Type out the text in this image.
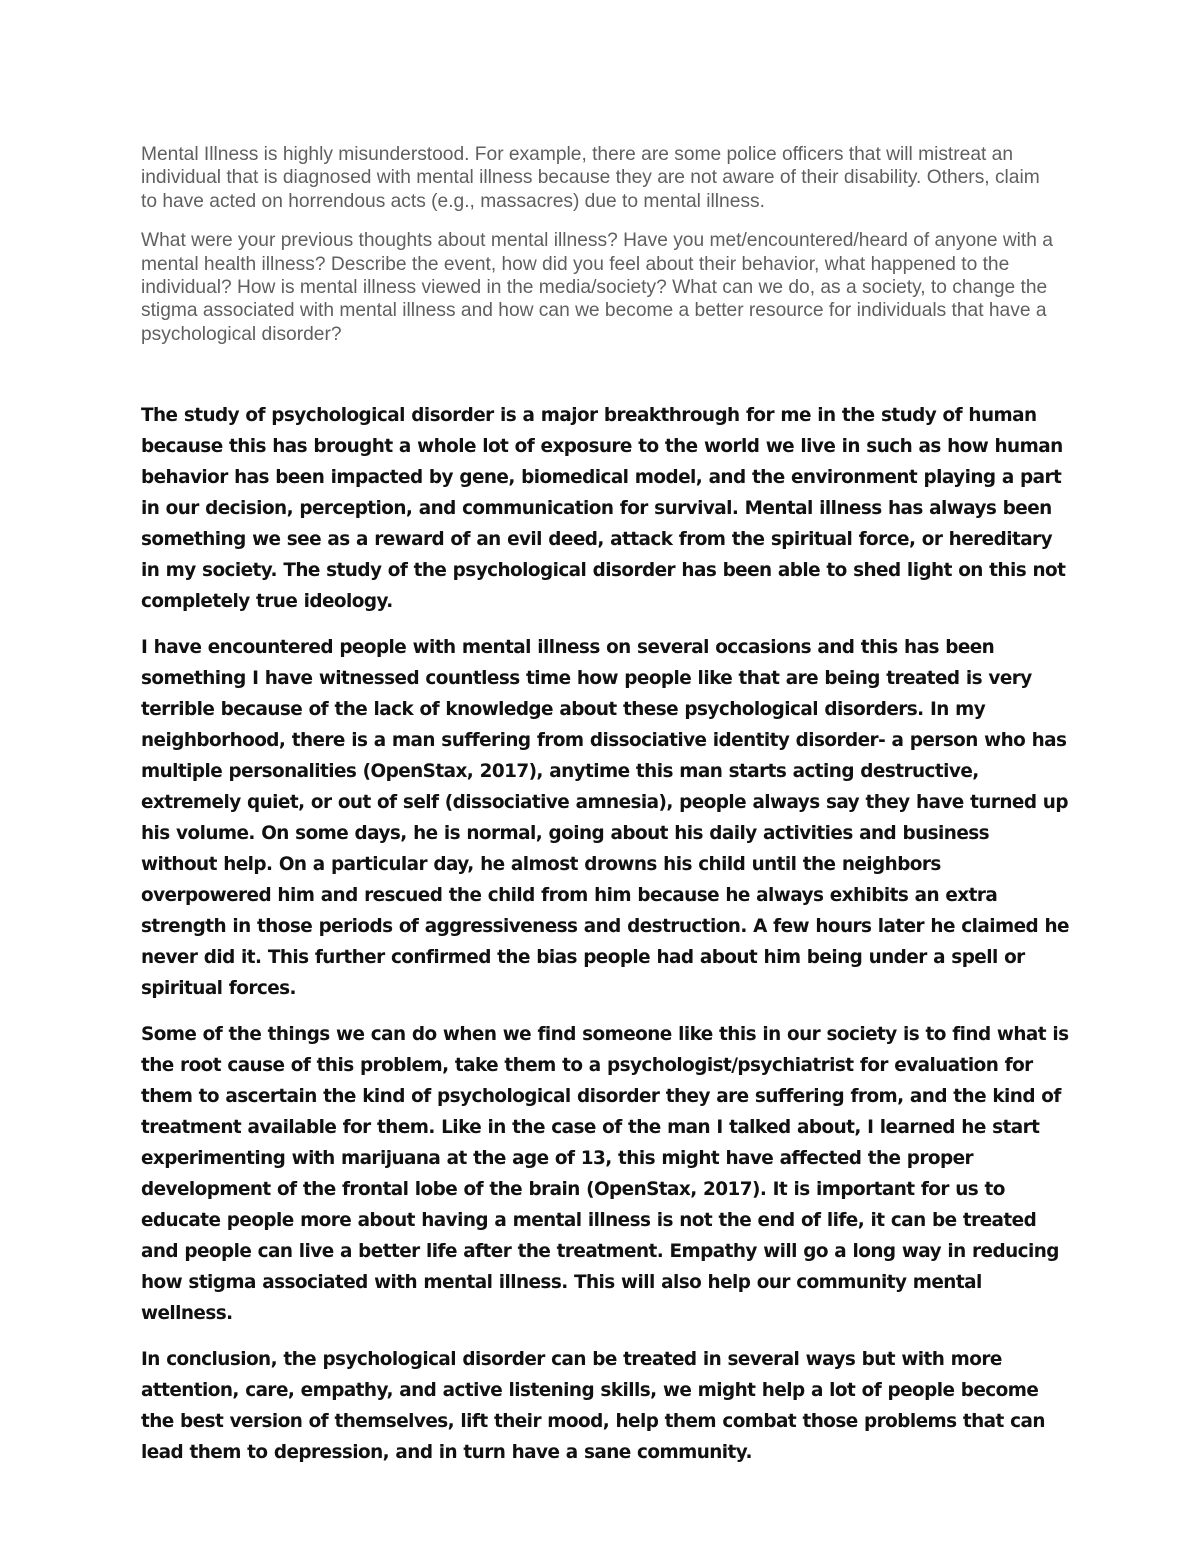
Mental Illness is highly misunderstood. For example, there are some police officers that will mistreat an individual that is diagnosed with mental illness because they are not aware of their disability. Others, claim to have acted on horrendous acts (e.g., massacres) due to mental illness.

What were your previous thoughts about mental illness? Have you met/encountered/heard of anyone with a mental health illness? Describe the event, how did you feel about their behavior, what happened to the individual? How is mental illness viewed in the media/society? What can we do, as a society, to change the stigma associated with mental illness and how can we become a better resource for individuals that have a psychological disorder?

The study of psychological disorder is a major breakthrough for me in the study of human because this has brought a whole lot of exposure to the world we live in such as how human behavior has been impacted by gene, biomedical model, and the environment playing a part in our decision, perception, and communication for survival. Mental illness has always been something we see as a reward of an evil deed, attack from the spiritual force, or hereditary in my society. The study of the psychological disorder has been able to shed light on this not completely true ideology.

I have encountered people with mental illness on several occasions and this has been something I have witnessed countless time how people like that are being treated is very terrible because of the lack of knowledge about these psychological disorders. In my neighborhood, there is a man suffering from dissociative identity disorder- a person who has multiple personalities (OpenStax, 2017), anytime this man starts acting destructive, extremely quiet, or out of self (dissociative amnesia), people always say they have turned up his volume. On some days, he is normal, going about his daily activities and business without help. On a particular day, he almost drowns his child until the neighbors overpowered him and rescued the child from him because he always exhibits an extra strength in those periods of aggressiveness and destruction. A few hours later he claimed he never did it. This further confirmed the bias people had about him being under a spell or spiritual forces.

Some of the things we can do when we find someone like this in our society is to find what is the root cause of this problem, take them to a psychologist/psychiatrist for evaluation for them to ascertain the kind of psychological disorder they are suffering from, and the kind of treatment available for them. Like in the case of the man I talked about, I learned he start experimenting with marijuana at the age of 13, this might have affected the proper development of the frontal lobe of the brain (OpenStax, 2017). It is important for us to educate people more about having a mental illness is not the end of life, it can be treated and people can live a better life after the treatment. Empathy will go a long way in reducing how stigma associated with mental illness. This will also help our community mental wellness.

In conclusion, the psychological disorder can be treated in several ways but with more attention, care, empathy, and active listening skills, we might help a lot of people become the best version of themselves, lift their mood, help them combat those problems that can lead them to depression, and in turn have a sane community.
